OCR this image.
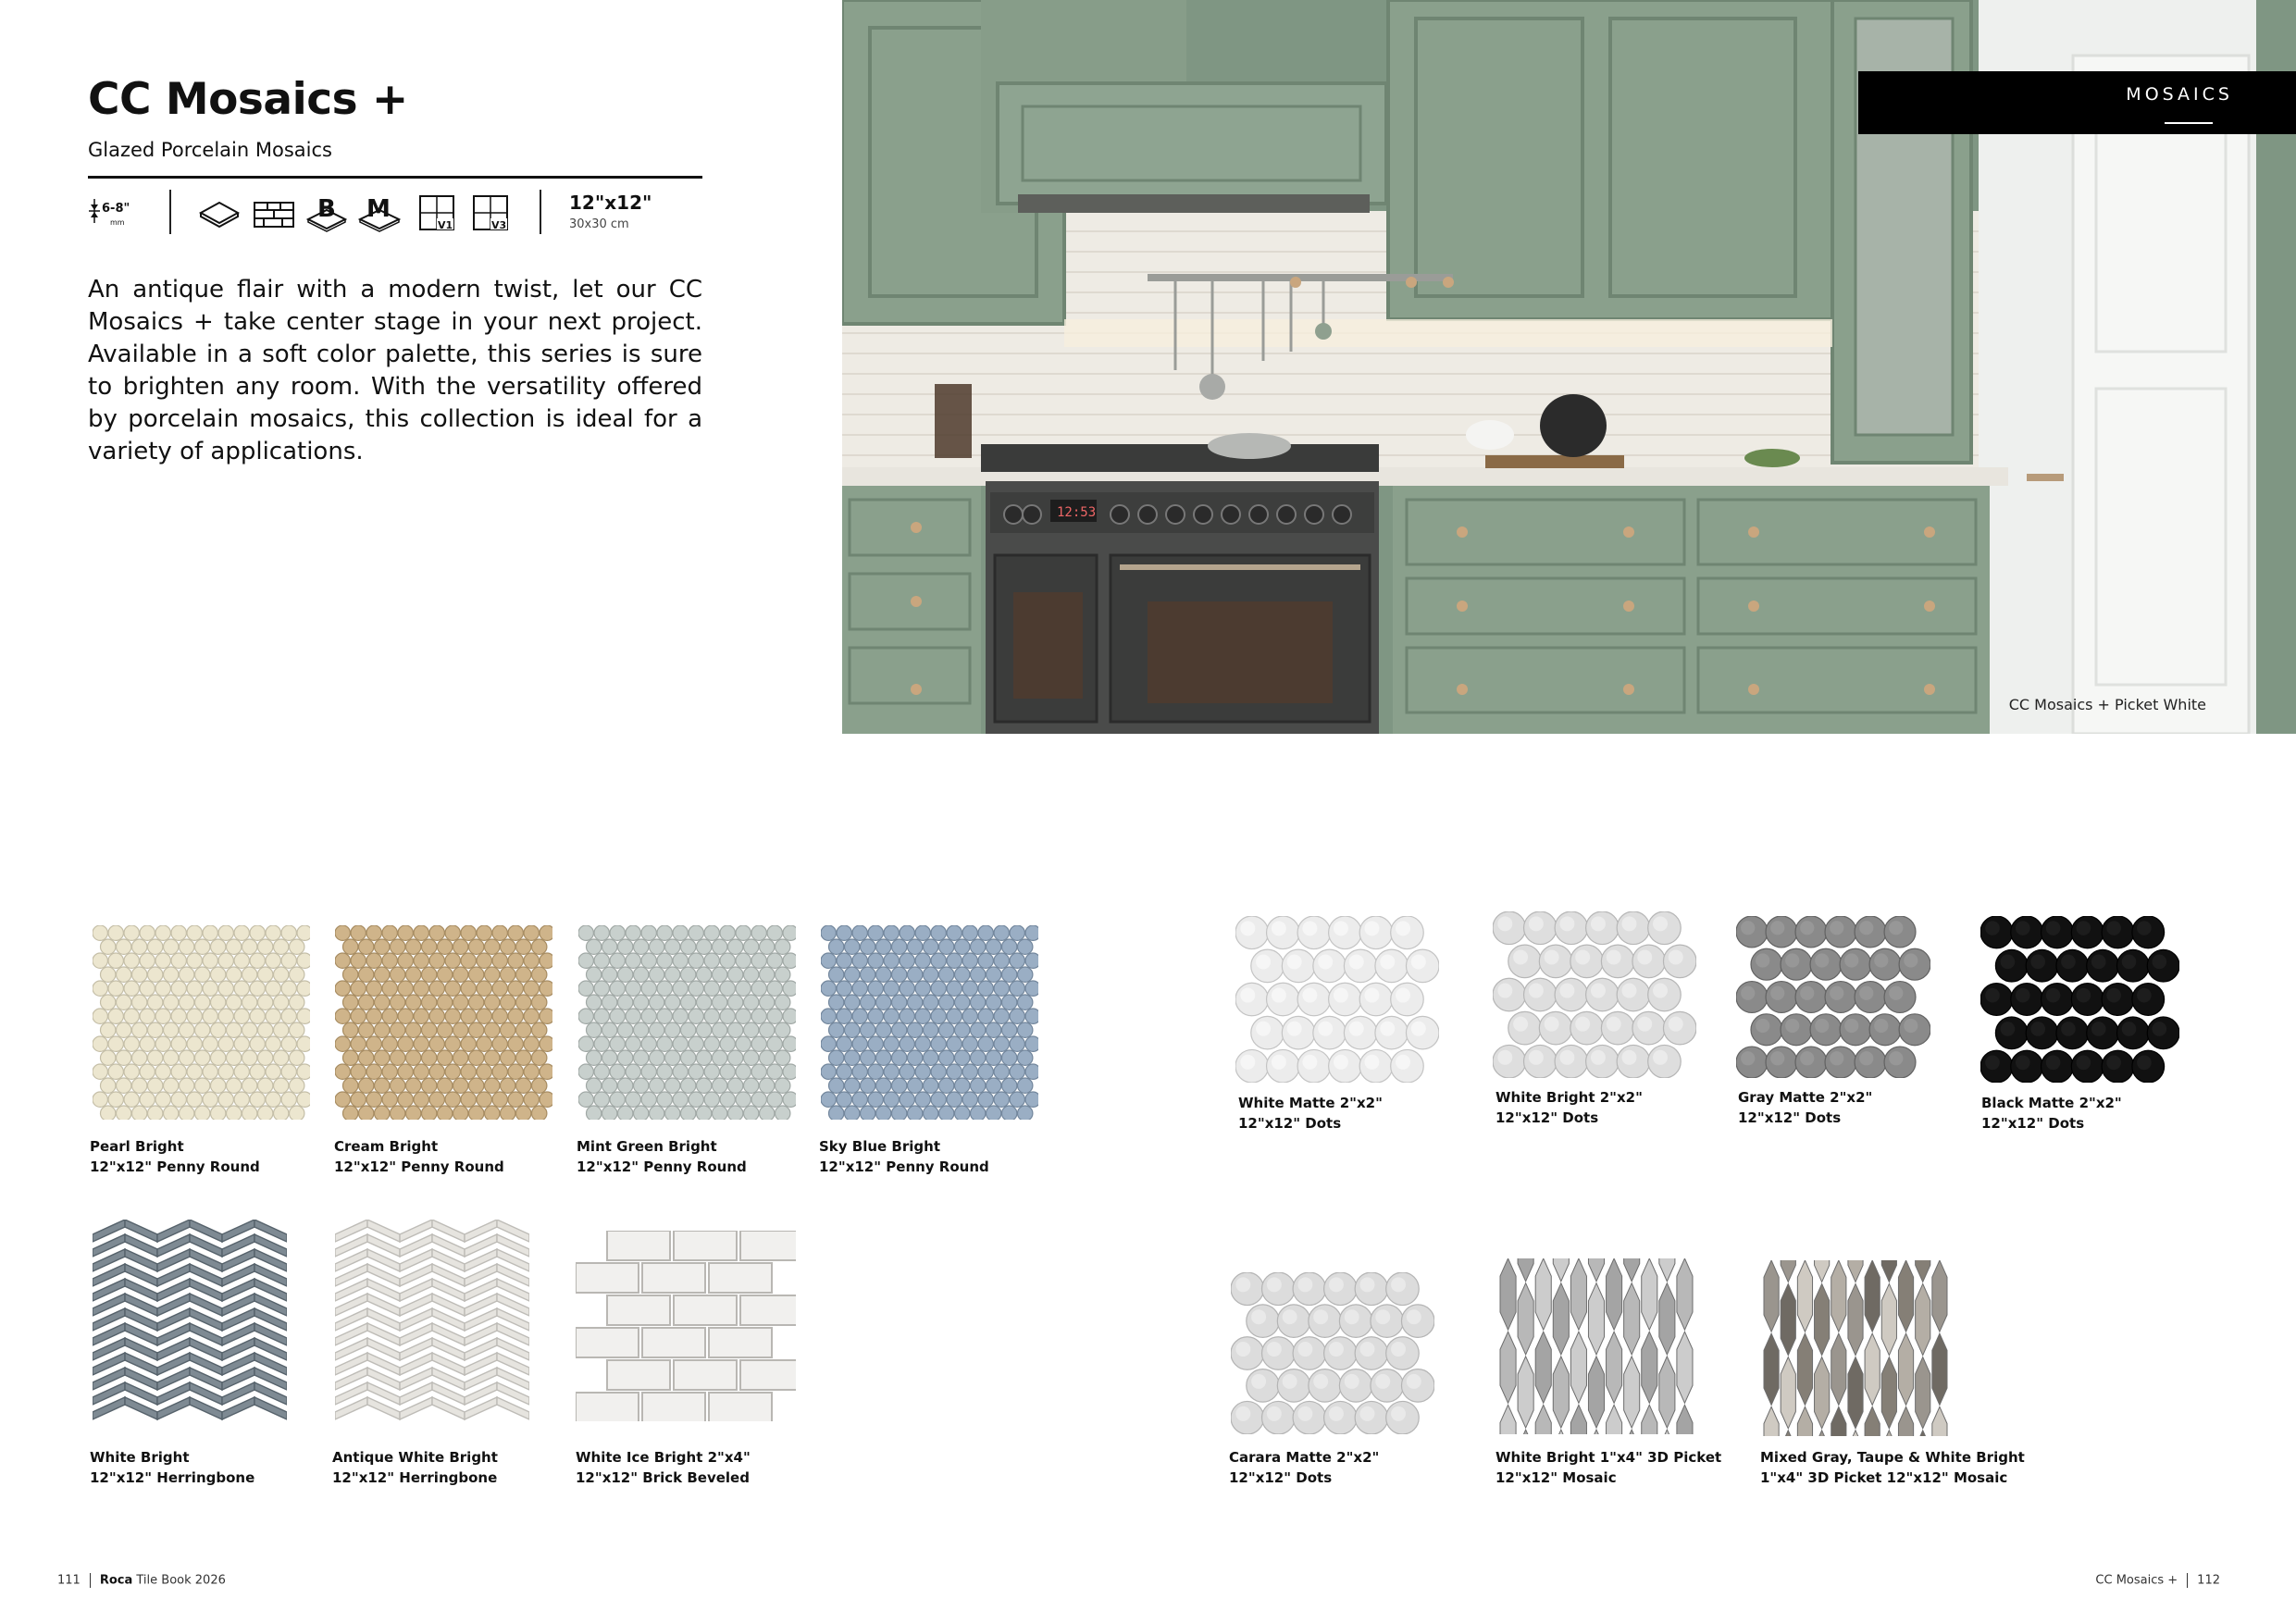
CC Mosaics +
Glazed Porcelain Mosaics
6-8"
mm	B M
V1	V3
12"x12"
30x30 cm
An antique flair with a modern twist, let our CC Mosaics + take center stage in your next project. Available in a soft color palette, this series is sure to brighten any room. With the versatility offered by porcelain mosaics, this collection is ideal for a variety of applications.
12:53
CC Mosaics + Picket White
MOSAICS
Pearl Bright
12"x12" Penny Round
Cream Bright
12"x12" Penny Round
Mint Green Bright
12"x12" Penny Round
Sky Blue Bright
12"x12" Penny Round
White Matte 2"x2"
12"x12" Dots
White Bright 2"x2"
12"x12" Dots
Gray Matte 2"x2"
12"x12" Dots
Black Matte 2"x2"
12"x12" Dots
White Bright
12"x12" Herringbone
Antique White Bright
12"x12" Herringbone
White Ice Bright 2"x4"
12"x12" Brick Beveled
Carara Matte 2"x2"
12"x12" Dots
White Bright 1"x4" 3D Picket
12"x12" Mosaic
Mixed Gray, Taupe & White Bright
1"x4" 3D Picket 12"x12" Mosaic
111 Roca Tile Book 2026	CC Mosaics + 112
